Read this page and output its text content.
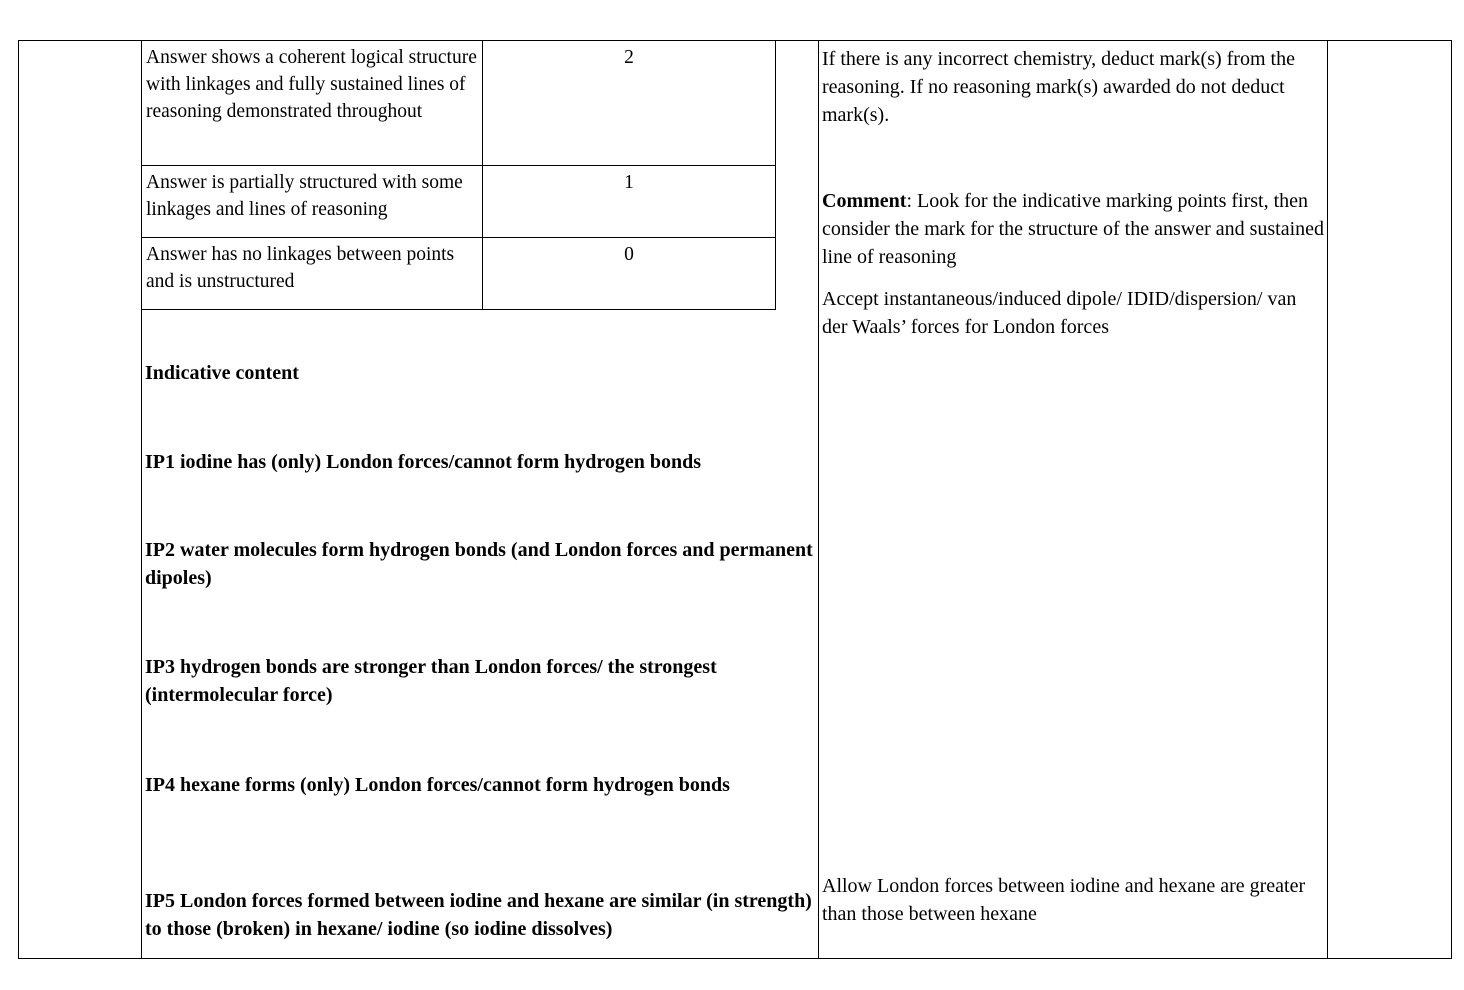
Answer shows a coherent logical structure with linkages and fully sustained lines of reasoning demonstrated throughout
2
Answer is partially structured with some linkages and lines of reasoning
1
Answer has no linkages between points and is unstructured
0
Indicative content
IP1 iodine has (only) London forces/cannot form hydrogen bonds
IP2 water molecules form hydrogen bonds (and London forces and permanent dipoles)
IP3 hydrogen bonds are stronger than London forces/ the strongest (intermolecular force)
IP4 hexane forms (only) London forces/cannot form hydrogen bonds
IP5 London forces formed between iodine and hexane are similar (in strength) to those (broken) in hexane/ iodine (so iodine dissolves)
If there is any incorrect chemistry, deduct mark(s) from the reasoning. If no reasoning mark(s) awarded do not deduct mark(s).
Comment: Look for the indicative marking points first, then consider the mark for the structure of the answer and sustained line of reasoning
Accept instantaneous/induced dipole/ IDID/dispersion/ van der Waals’ forces for London forces
Allow London forces between iodine and hexane are greater than those between hexane
